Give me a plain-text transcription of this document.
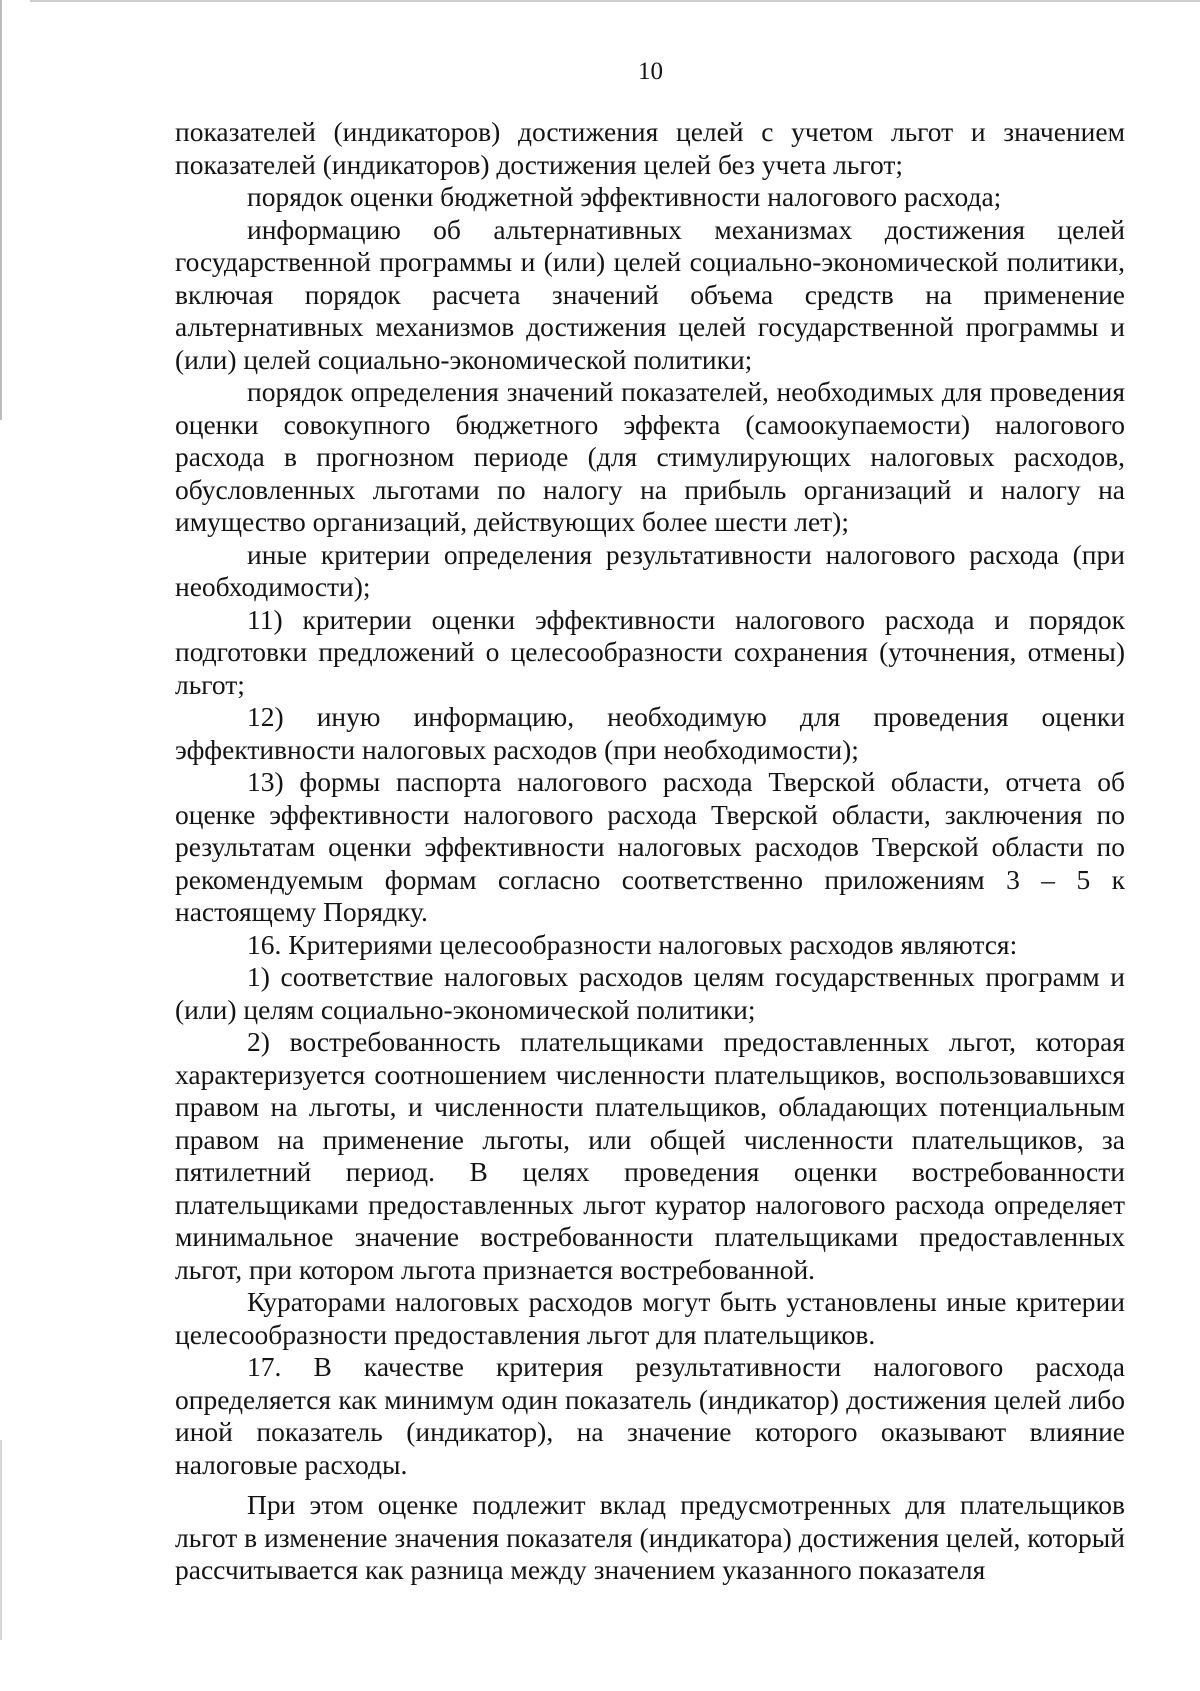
10

показателей (индикаторов) достижения целей с учетом льгот и значением показателей (индикаторов) достижения целей без учета льгот;

порядок оценки бюджетной эффективности налогового расхода;

информацию об альтернативных механизмах достижения целей государственной программы и (или) целей социально-экономической политики, включая порядок расчета значений объема средств на применение альтернативных механизмов достижения целей государственной программы и (или) целей социально-экономической политики;

порядок определения значений показателей, необходимых для проведения оценки совокупного бюджетного эффекта (самоокупаемости) налогового расхода в прогнозном периоде (для стимулирующих налоговых расходов, обусловленных льготами по налогу на прибыль организаций и налогу на имущество организаций, действующих более шести лет);

иные критерии определения результативности налогового расхода (при необходимости);

11) критерии оценки эффективности налогового расхода и порядок подготовки предложений о целесообразности сохранения (уточнения, отмены) льгот;

12) иную информацию, необходимую для проведения оценки эффективности налоговых расходов (при необходимости);

13) формы паспорта налогового расхода Тверской области, отчета об оценке эффективности налогового расхода Тверской области, заключения по результатам оценки эффективности налоговых расходов Тверской области по рекомендуемым формам согласно соответственно приложениям 3 – 5 к настоящему Порядку.

16. Критериями целесообразности налоговых расходов являются:

1) соответствие налоговых расходов целям государственных программ и (или) целям социально-экономической политики;

2) востребованность плательщиками предоставленных льгот, которая характеризуется соотношением численности плательщиков, воспользовавшихся правом на льготы, и численности плательщиков, обладающих потенциальным правом на применение льготы, или общей численности плательщиков, за пятилетний период. В целях проведения оценки востребованности плательщиками предоставленных льгот куратор налогового расхода определяет минимальное значение востребованности плательщиками предоставленных льгот, при котором льгота признается востребованной.

Кураторами налоговых расходов могут быть установлены иные критерии целесообразности предоставления льгот для плательщиков.

17. В качестве критерия результативности налогового расхода определяется как минимум один показатель (индикатор) достижения целей либо иной показатель (индикатор), на значение которого оказывают влияние налоговые расходы.

При этом оценке подлежит вклад предусмотренных для плательщиков льгот в изменение значения показателя (индикатора) достижения целей, который рассчитывается как разница между значением указанного показателя
